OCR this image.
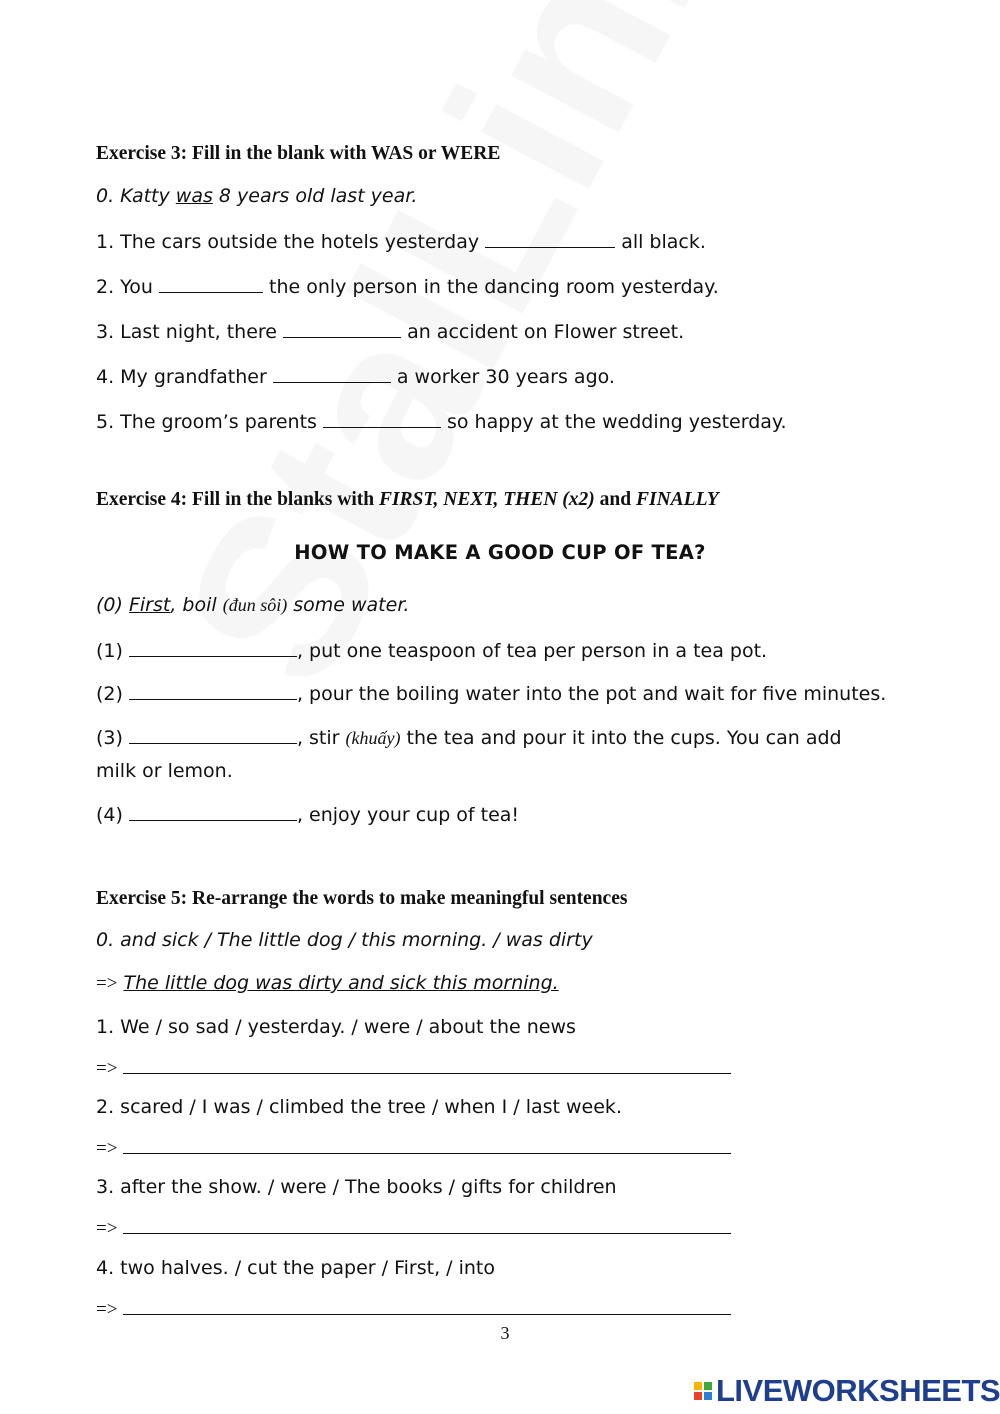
Exercise 3: Fill in the blank with WAS or WERE
0. Katty was 8 years old last year.
1. The cars outside the hotels yesterday	all black.
2. You	the only person in the dancing room yesterday.
3. Last night, there	an accident on Flower street.
4. My grandfather	a worker 30 years ago.
5. The groom’s parents	so happy at the wedding yesterday.
Exercise 4: Fill in the blanks with FIRST, NEXT, THEN (x2) and FINALLY
HOW TO MAKE A GOOD CUP OF TEA?
(0) First, boil (đun sôi) some water.
(1)	, put one teaspoon of tea per person in a tea pot.
(2)	, pour the boiling water into the pot and wait for five minutes.
(3)	, stir (khuấy) the tea and pour it into the cups. You can add
milk or lemon.
(4)	, enjoy your cup of tea!
Exercise 5: Re-arrange the words to make meaningful sentences
0. and sick / The little dog / this morning. / was dirty
=> The little dog was dirty and sick this morning.
1. We / so sad / yesterday. / were / about the news
=>
2. scared / I was / climbed the tree / when I / last week.
=>
3. after the show. / were / The books / gifts for children
=>
4. two halves. / cut the paper / First, / into
=>
3
LIVEWORKSHEETS
